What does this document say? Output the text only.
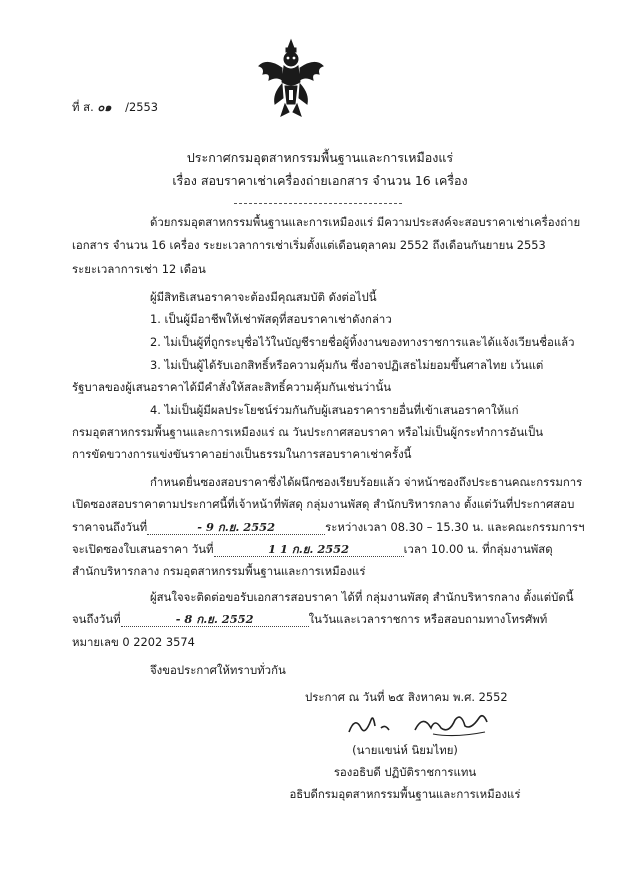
ที่ ส. ๐๑ /2553
ประกาศกรมอุตสาหกรรมพื้นฐานและการเหมืองแร่
เรื่อง สอบราคาเช่าเครื่องถ่ายเอกสาร จำนวน 16 เครื่อง
ด้วยกรมอุตสาหกรรมพื้นฐานและการเหมืองแร่ มีความประสงค์จะสอบราคาเช่าเครื่องถ่าย
เอกสาร จำนวน 16 เครื่อง ระยะเวลาการเช่าเริ่มตั้งแต่เดือนตุลาคม 2552 ถึงเดือนกันยายน 2553
ระยะเวลาการเช่า 12 เดือน
ผู้มีสิทธิเสนอราคาจะต้องมีคุณสมบัติ ดังต่อไปนี้
1. เป็นผู้มีอาชีพให้เช่าพัสดุที่สอบราคาเช่าดังกล่าว
2. ไม่เป็นผู้ที่ถูกระบุชื่อไว้ในบัญชีรายชื่อผู้ทิ้งงานของทางราชการและได้แจ้งเวียนชื่อแล้ว
3. ไม่เป็นผู้ได้รับเอกสิทธิ์หรือความคุ้มกัน ซึ่งอาจปฏิเสธไม่ยอมขึ้นศาลไทย เว้นแต่
รัฐบาลของผู้เสนอราคาได้มีคำสั่งให้สละสิทธิ์ความคุ้มกันเช่นว่านั้น
4. ไม่เป็นผู้มีผลประโยชน์ร่วมกันกับผู้เสนอราคารายอื่นที่เข้าเสนอราคาให้แก่
กรมอุตสาหกรรมพื้นฐานและการเหมืองแร่ ณ วันประกาศสอบราคา หรือไม่เป็นผู้กระทำการอันเป็น
การขัดขวางการแข่งขันราคาอย่างเป็นธรรมในการสอบราคาเช่าครั้งนี้
กำหนดยื่นซองสอบราคาซึ่งได้ผนึกซองเรียบร้อยแล้ว จ่าหน้าซองถึงประธานคณะกรรมการ
เปิดซองสอบราคาตามประกาศนี้ที่เจ้าหน้าที่พัสดุ กลุ่มงานพัสดุ สำนักบริหารกลาง ตั้งแต่วันที่ประกาศสอบ
ราคาจนถึงวันที่	- 9 ก.ย. 2552	ระหว่างเวลา 08.30 – 15.30 น. และคณะกรรมการฯ
จะเปิดซองใบเสนอราคา วันที่	1 1 ก.ย. 2552	เวลา 10.00 น. ที่กลุ่มงานพัสดุ
สำนักบริหารกลาง กรมอุตสาหกรรมพื้นฐานและการเหมืองแร่
ผู้สนใจจะติดต่อขอรับเอกสารสอบราคา ได้ที่ กลุ่มงานพัสดุ สำนักบริหารกลาง ตั้งแต่บัดนี้
จนถึงวันที่	- 8 ก.ย. 2552	ในวันและเวลาราชการ หรือสอบถามทางโทรศัพท์
หมายเลข 0 2202 3574
จึงขอประกาศให้ทราบทั่วกัน
ประกาศ ณ วันที่ ๒๕ สิงหาคม พ.ศ. 2552
(นายแขน่ห์ นิยมไทย)
รองอธิบดี ปฏิบัติราชการแทน
อธิบดีกรมอุตสาหกรรมพื้นฐานและการเหมืองแร่
